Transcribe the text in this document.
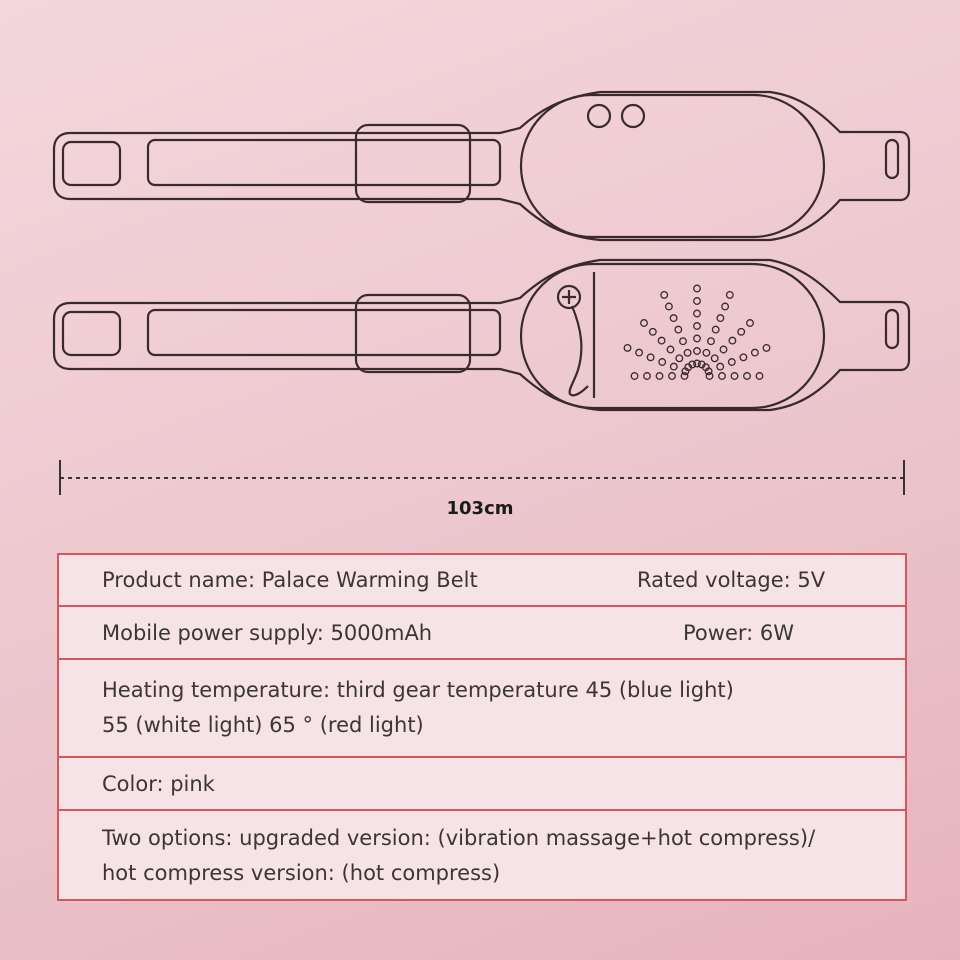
103cm
Product name: Palace Warming Belt	Rated voltage: 5V
Mobile power supply: 5000mAh	Power: 6W
Heating temperature: third gear temperature 45 (blue light)
55 (white light) 65 ° (red light)
Color: pink
Two options: upgraded version: (vibration massage+hot compress)/
hot compress version: (hot compress)
